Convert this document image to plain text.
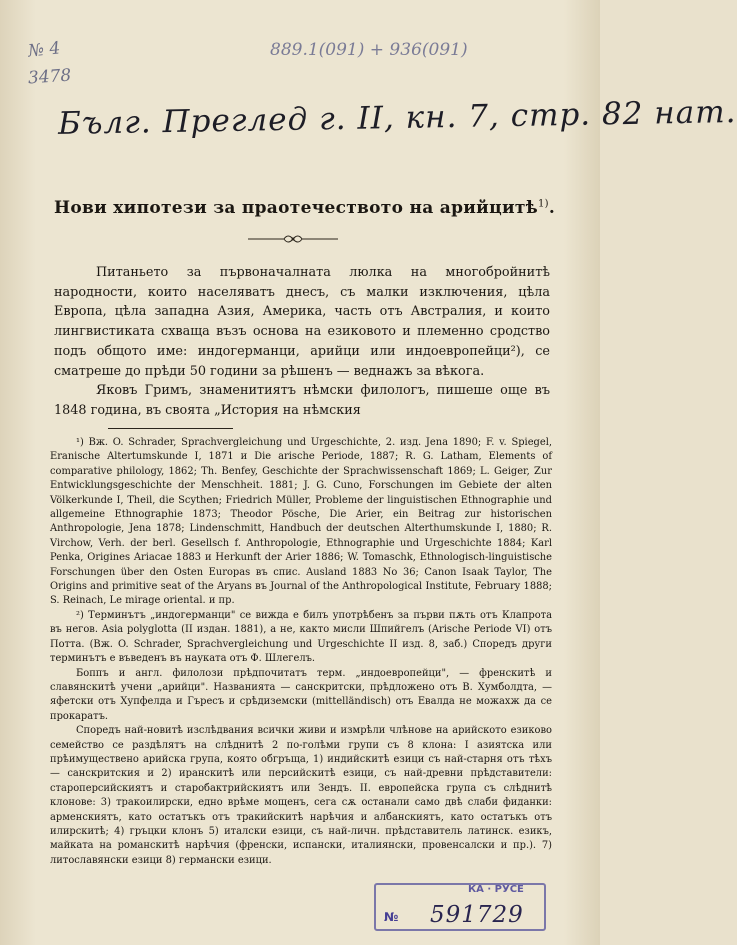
№ 4
3478
889.1(091) + 936(091)
Бълг. Преглед г. II, кн. 7, стр. 82 нат.
Нови хипотези за праотечеството на арийцитѣ$^{1)}$.

Питаньето за първоначалната люлка на многобройнитѣ народности, които населяватъ днесъ, съ малки изключения, цѣла Европа, цѣла западна Азия, Америка, часть отъ Австралия, и които лингвистиката схваща възъ основа на езиковото и племенно сродство подъ общото име: индогерманци, арийци или индоевропейци²), се сматреше до прѣди 50 години за рѣшенъ — веднажъ за вѣкога.

Яковъ Гримъ, знаменитиятъ нѣмски филологъ, пишеше още въ 1848 година, въ своята „История на нѣмския

¹) Вж. O. Schrader, Sprachvergleichung und Urgeschichte, 2. изд. Jena 1890; F. v. Spiegel, Eranische Altertumskunde I, 1871 и Die arische Periode, 1887; R. G. Latham, Elements of comparative philology, 1862; Th. Benfey, Geschichte der Sprachwissenschaft 1869; L. Geiger, Zur Entwicklungsgeschichte der Menschheit. 1881; J. G. Cuno, Forschungen im Gebiete der alten Völkerkunde I, Theil, die Scythen; Friedrich Müller, Probleme der linguistischen Ethnographie und allgemeine Ethnographie 1873; Theodor Pösche, Die Arier, ein Beitrag zur historischen Anthropologie, Jena 1878; Lindenschmitt, Handbuch der deutschen Alterthumskunde I, 1880; R. Virchow, Verh. der berl. Gesellsch f. Anthropologie, Ethnographie und Urgeschichte 1884; Karl Penka, Origines Ariacae 1883 и Herkunft der Arier 1886; W. Tomaschk, Ethnologisch-linguistische Forschungen über den Osten Europas въ спис. Ausland 1883 No 36; Canon Isaak Taylor, The Origins and primitive seat of the Aryans въ Journal of the Anthropological Institute, February 1888; S. Reinach, Le mirage oriental. и пр.

²) Терминътъ „индогерманци" се вижда е билъ употрѣбенъ за първи пѫть отъ Клапрота въ негов. Asia polyglotta (II издан. 1881), а не, както мисли Шпийгелъ (Arische Periode VI) отъ Потта. (Вж. O. Schrader, Sprachvergleichung und Urgeschichte II изд. 8, заб.) Споредъ други терминътъ е въведенъ въ науката отъ Ф. Шлегелъ.

Боппъ и англ. филолози прѣдпочитатъ терм. „индоевропейци", — френскитѣ и славянскитѣ учени „арийци". Названията — санскритски, прѣдложено отъ В. Хумболдта, — яфетски отъ Хупфелда и Гъресъ и срѣдиземски (mittelländisch) отъ Евалда не можахж да се прокаратъ.

Споредъ най-новитѣ изслѣдвания всички живи и измрѣли члѣнове на арийското езиково семейство се раздѣлятъ на слѣднитѣ 2 по-голѣми групи съ 8 клона: I азиятска или прѣимуществено арийска група, която обгръща, 1) индийскитѣ езици съ най-старня отъ тѣхъ — санскритския и 2) иранскитѣ или персийскитѣ езици, съ най-древни прѣдставители: староперсийскиятъ и старобактрийскиятъ или Зендъ. II. европейска група съ слѣднитѣ клонове: 3) тракоилирски, едно врѣме мощенъ, сега сѫ останали само двѣ слаби фиданки: арменскиятъ, като остатъкъ отъ тракийскитѣ нарѣчия и албанскиятъ, като остатъкъ отъ илирскитѣ; 4) гръцки клонъ 5) италски езици, съ най-личн. прѣдставитель латинск. езикъ, майката на романскитѣ нарѣчия (френски, испански, италиянски, провенсалски и пр.). 7) литославянски езици 8) германски езици.

КА · РУСЕ
№ 591729
